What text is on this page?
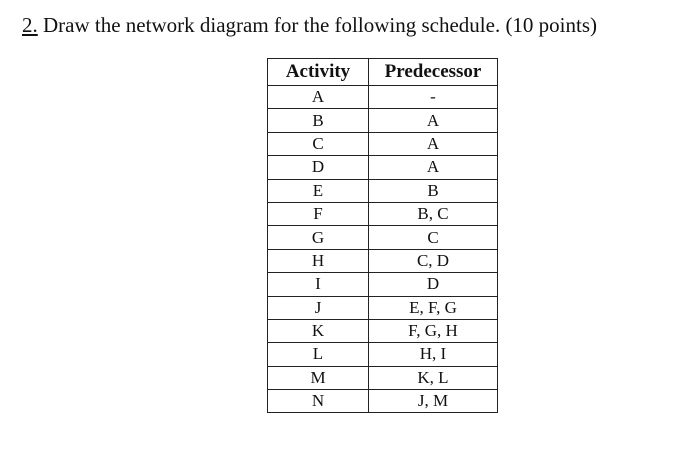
2. Draw the network diagram for the following schedule. (10 points)
Activity	Predecessor
A	-
B	A
C	A
D	A
E	B
F	B, C
G	C
H	C, D
I	D
J	E, F, G
K	F, G, H
L	H, I
M	K, L
N	J, M
